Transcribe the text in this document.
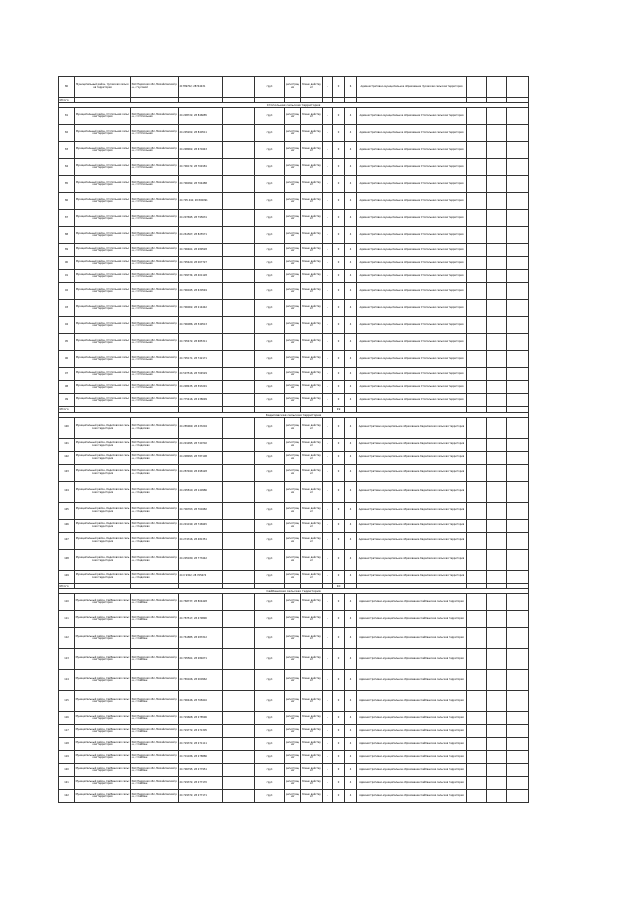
80	Муниципальный район, Чусовская сельская территория	ЗАО Пермская обл, Михайловский р-н, с Чусовой	21789702; 28744431		груп	регистрация	Бланк действует	-	0	6	Административно-муниципальное образование Чусовская сельская территория			
Итого														
Стопольная сельская территория														
81	Муниципальный район, Стопольная сельская территория	ЗАО Пермская обл, Михайловский р-н, с Стопольная	24 298722; 28 846685		груп	регистрация	Бланк действует	-	0	4	Административно-муниципальное образование Стопольная сельская территория			
82	Муниципальный район, Стопольная сельская территория	ЗАО Пермская обл, Михайловский р-н, с Стопольная	24 295202; 28 840511		груп	регистрация	Бланк действует	-	0	4	Административно-муниципальное образование Стопольная сельская территория			
83	Муниципальный район, Стопольная сельская территория	ЗАО Пермская обл, Михайловский р-н, с Стопольная	24 298902; 28 670443		груп	регистрация	Бланк действует	-	0	4	Административно-муниципальное образование Стопольная сельская территория			
84	Муниципальный район, Стопольная сельская территория	ЗАО Пермская обл, Михайловский р-н, с Стопольная	24 796172; 28 769181		груп	регистрация	Бланк действует	-	0	4	Административно-муниципальное образование Стопольная сельская территория			
85	Муниципальный район, Стопольная сельская территория	ЗАО Пермская обл, Михайловский р-н, с Стопольная	24 796092; 28 764488		груп	регистрация	Бланк действует	-	0	4	Административно-муниципальное образование Стопольная сельская территория			
86	Муниципальный район, Стопольная сельская территория	ЗАО Пермская обл, Михайловский р-н, с Стопольная	24 795 442; 28 800091		груп	регистрация	Бланк действует	-	0	4	Административно-муниципальное образование Стопольная сельская территория			
87	Муниципальный район, Стопольная сельская территория	ЗАО Пермская обл, Михайловский р-н, с Стопольная	24 297695; 28 795631		груп	регистрация	Бланк действует	-	0	4	Административно-муниципальное образование Стопольная сельская территория			
88	Муниципальный район, Стопольная сельская территория	ЗАО Пермская обл, Михайловский р-н, с Стопольная	24 261567; 28 825571		груп	регистрация	Бланк действует	-	0	4	Административно-муниципальное образование Стопольная сельская территория			
89	Муниципальный район, Стопольная сельская территория	ЗАО Пермская обл, Михайловский р-н, с Стопольная	24 796461; 28 289528		груп	регистрация	Бланк действует	-	0	4	Административно-муниципальное образование Стопольная сельская территория			
90	Муниципальный район, Стопольная сельская территория	ЗАО Пермская обл, Михайловский р-н, с Стопольная	24 795420; 28 007727		груп	регистрация	Бланк действует	-	0	4	Административно-муниципальное образование Стопольная сельская территория			
91	Муниципальный район, Стопольная сельская территория	ЗАО Пермская обл, Михайловский р-н, с Стопольная	24 799734; 28 401128		груп	регистрация	Бланк действует	-	0	4	Административно-муниципальное образование Стопольная сельская территория			
92	Муниципальный район, Стопольная сельская территория	ЗАО Пермская обл, Михайловский р-н, с Стопольная	24 796045; 28 630549		груп	регистрация	Бланк действует	-	0	4	Административно-муниципальное образование Стопольная сельская территория			
93	Муниципальный район, Стопольная сельская территория	ЗАО Пермская обл, Михайловский р-н, с Стопольная	24 796002; 28 214442		груп	регистрация	Бланк действует	-	0	4	Административно-муниципальное образование Стопольная сельская территория			
94	Муниципальный район, Стопольная сельская территория	ЗАО Пермская обл, Михайловский р-н, с Стопольная	24 796086; 28 549513		груп	регистрация	Бланк действует	-	0	4	Административно-муниципальное образование Стопольная сельская территория			
95	Муниципальный район, Стопольная сельская территория	ЗАО Пермская обл, Михайловский р-н, с Стопольная	24 795472; 28 685311		груп	регистрация	Бланк действует	-	0	4	Административно-муниципальное образование Стопольная сельская территория			
96	Муниципальный район, Стопольная сельская территория	ЗАО Пермская обл, Михайловский р-н, с Стопольная	24 795171; 28 742171		груп	регистрация	Бланк действует	-	0	4	Административно-муниципальное образование Стопольная сельская территория			
97	Муниципальный район, Стопольная сельская территория	ЗАО Пермская обл, Михайловский р-н, с Стопольная	24 597516; 28 764529		груп	регистрация	Бланк действует	-	0	4	Административно-муниципальное образование Стопольная сельская территория			
98	Муниципальный район, Стопольная сельская территория	ЗАО Пермская обл, Михайловский р-н, с Стопольная	24 298435; 28 593291		груп	регистрация	Бланк действует	-	0	4	Административно-муниципальное образование Стопольная сельская территория			
99	Муниципальный район, Стопольная сельская территория	ЗАО Пермская обл, Михайловский р-н, с Стопольная	24 775416; 28 238099		груп	регистрация	Бланк действует	-	0	4	Административно-муниципальное образование Стопольная сельская территория			
Итого									19					
Кадиловская сельская территория														
100	Муниципальный район, Кадиловская сельская территория	ЗАО Пермская обл, Михайловский р-н, с Кадилово	24 285969; 28 433204		груп	регистрация	Бланк действует	-	0	4	Административно-муниципальное образование Кадиловская сельская территория			
101	Муниципальный район, Кадиловская сельская территория	ЗАО Пермская обл, Михайловский р-н, с Кадилово	24 291995; 28 740702		груп	регистрация	Бланк действует	-	0	4	Административно-муниципальное образование Кадиловская сельская территория			
102	Муниципальный район, Кадиловская сельская территория	ЗАО Пермская обл, Михайловский р-н, с Кадилово	24 298993; 28 787108		груп	регистрация	Бланк действует	-	0	4	Административно-муниципальное образование Кадиловская сельская территория			
103	Муниципальный район, Кадиловская сельская территория	ЗАО Пермская обл, Михайловский р-н, с Кадилово	24 287940; 28 498128		груп	регистрация	Бланк действует	-	0	4	Административно-муниципальное образование Кадиловская сельская территория			
104	Муниципальный район, Кадиловская сельская территория	ЗАО Пермская обл, Михайловский р-н, с Кадилово	24 295810; 28 140986		груп	регистрация	Бланк действует	-	0	4	Административно-муниципальное образование Кадиловская сельская территория			
105	Муниципальный район, Кадиловская сельская территория	ЗАО Пермская обл, Михайловский р-н, с Кадилово	24 700763; 28 760482		груп	регистрация	Бланк действует	-	0	4	Административно-муниципальное образование Кадиловская сельская территория			
106	Муниципальный район, Кадиловская сельская территория	ЗАО Пермская обл, Михайловский р-н, с Кадилово	24 291199; 28 746945		груп	регистрация	Бланк действует	-	0	4	Административно-муниципальное образование Кадиловская сельская территория			
107	Муниципальный район, Кадиловская сельская территория	ЗАО Пермская обл, Михайловский р-н, с Кадилово	24 274316; 28 481351		груп	регистрация	Бланк действует	-	0	4	Административно-муниципальное образование Кадиловская сельская территория			
108	Муниципальный район, Кадиловская сельская территория	ЗАО Пермская обл, Михайловский р-н, с Кадилово	24 295180; 28 773442		груп	регистрация	Бланк действует	-	0	4	Административно-муниципальное образование Кадиловская сельская территория			
109	Муниципальный район, Кадиловская сельская территория	ЗАО Пермская обл, Михайловский р-н, с Кадилово	24 0 9302; 28 765674		груп	регистрация	Бланк действует	-	0	4	Административно-муниципальное образование Кадиловская сельская территория			
Итого									10					
Сайбашская сельская территория														
110	Муниципальный район, Сайбашская сельская территория	ЗАО Пермская обл, Михайловский р-н, с Сайбаш	24 768737; 28 804428		груп	регистрация	Бланк действует	-	0	4	Административно-муниципальное образование Сайбашская сельская территория			
111	Муниципальный район, Сайбашская сельская территория	ЗАО Пермская обл, Михайловский р-н, с Сайбаш	24 787517; 28 479890		груп	регистрация	Бланк действует	-	0	4	Административно-муниципальное образование Сайбашская сельская территория			
112	Муниципальный район, Сайбашская сельская территория	ЗАО Пермская обл, Михайловский р-н, с Сайбаш	24 761885; 28 283312		груп	регистрация	Бланк действует	-	0	4	Административно-муниципальное образование Сайбашская сельская территория			
113	Муниципальный район, Сайбашская сельская территория	ЗАО Пермская обл, Михайловский р-н, с Сайбаш	24 795561; 28 289271		груп	регистрация	Бланк действует	-	0	4	Административно-муниципальное образование Сайбашская сельская территория			
114	Муниципальный район, Сайбашская сельская территория	ЗАО Пермская обл, Михайловский р-н, с Сайбаш	24 765166; 28 000962		груп	регистрация	Бланк действует	-	0	4	Административно-муниципальное образование Сайбашская сельская территория			
115	Муниципальный район, Сайбашская сельская территория	ЗАО Пермская обл, Михайловский р-н, с Сайбаш	24 796446; 28 768416		груп	регистрация	Бланк действует	-	0	4	Административно-муниципальное образование Сайбашская сельская территория			
116	Муниципальный район, Сайбашская сельская территория	ЗАО Пермская обл, Михайловский р-н, с Сайбаш	24 729668; 28 278596		груп	регистрация	Бланк действует	-	0	4	Административно-муниципальное образование Сайбашская сельская территория			
117	Муниципальный район, Сайбашская сельская территория	ЗАО Пермская обл, Михайловский р-н, с Сайбаш	24 729772; 28 271305		груп	регистрация	Бланк действует	-	0	4	Административно-муниципальное образование Сайбашская сельская территория			
118	Муниципальный район, Сайбашская сельская территория	ЗАО Пермская обл, Михайловский р-н, с Сайбаш	24 729372; 28 271111		груп	регистрация	Бланк действует	-	0	4	Административно-муниципальное образование Сайбашская сельская территория			
119	Муниципальный район, Сайбашская сельская территория	ЗАО Пермская обл, Михайловский р-н, с Сайбаш	24 701186; 28 278886		груп	регистрация	Бланк действует	-	0	4	Административно-муниципальное образование Сайбашская сельская территория			
120	Муниципальный район, Сайбашская сельская территория	ЗАО Пермская обл, Михайловский р-н, с Сайбаш	24 796795; 28 277951		груп	регистрация	Бланк действует	-	0	4	Административно-муниципальное образование Сайбашская сельская территория			
121	Муниципальный район, Сайбашская сельская территория	ЗАО Пермская обл, Михайловский р-н, с Сайбаш	24 729372; 28 277170		груп	регистрация	Бланк действует	-	0	4	Административно-муниципальное образование Сайбашская сельская территория			
122	Муниципальный район, Сайбашская сельская территория	ЗАО Пермская обл, Михайловский р-н, с Сайбаш	24 729372; 28 277171		груп	регистрация	Бланк действует	-	0	4	Административно-муниципальное образование Сайбашская сельская территория			
